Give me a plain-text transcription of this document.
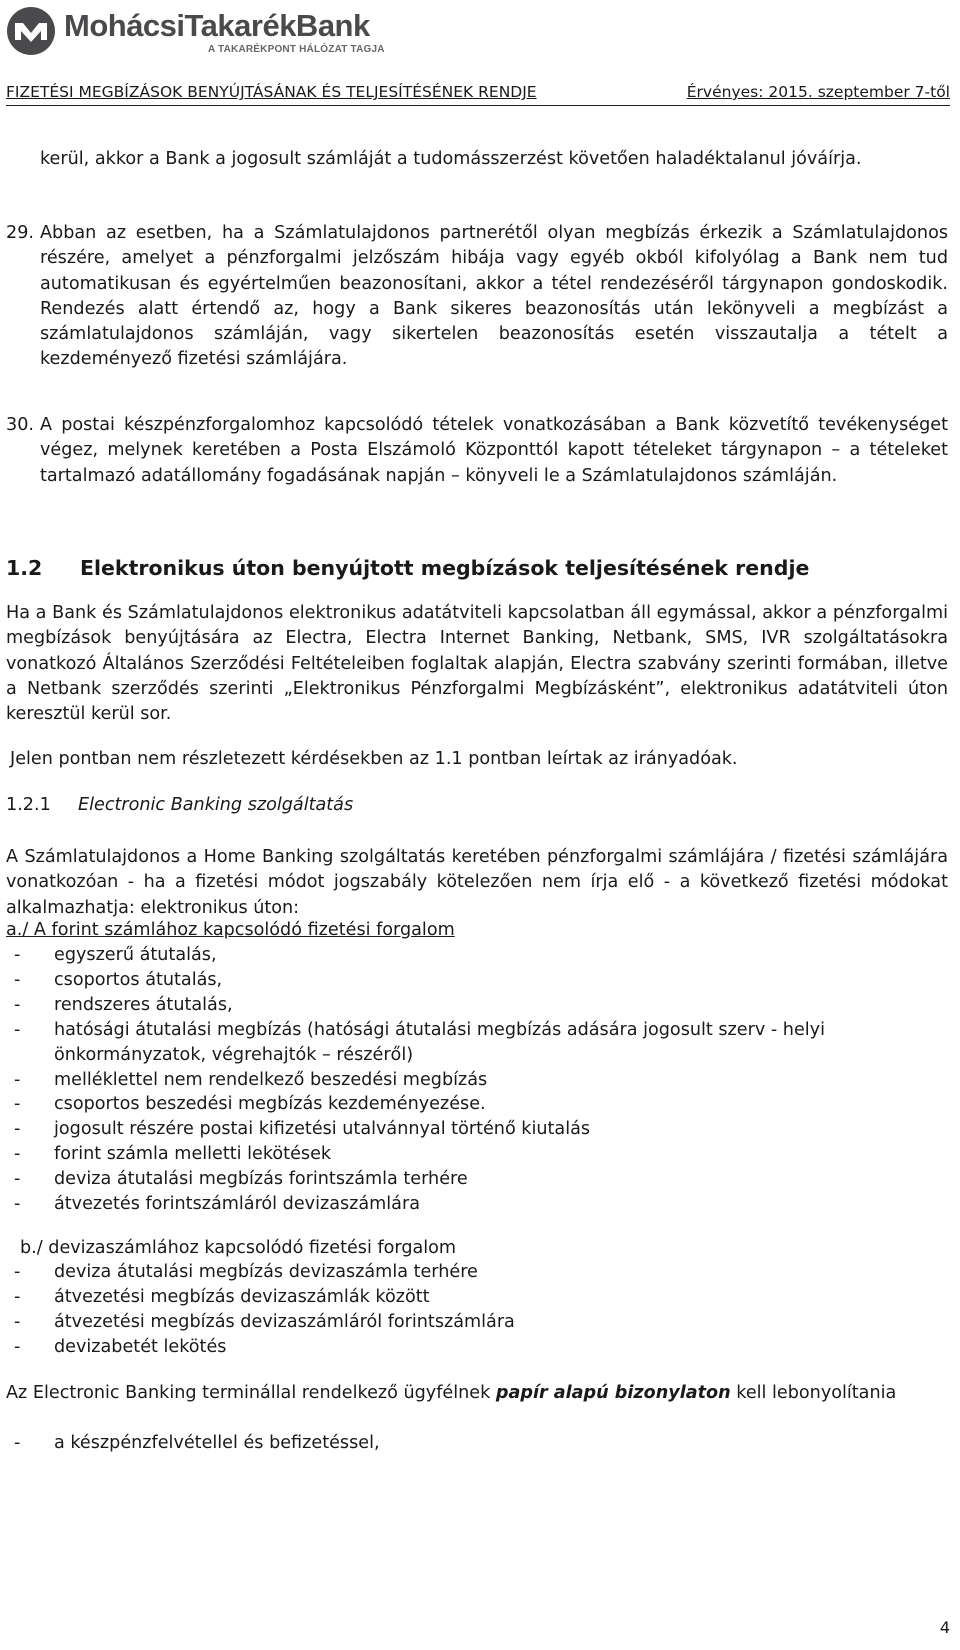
MohácsiTakarékBank
A TAKARÉKPONT HÁLÓZAT TAGJA
FIZETÉSI MEGBÍZÁSOK BENYÚJTÁSÁNAK ÉS TELJESÍTÉSÉNEK RENDJE	Érvényes: 2015. szeptember 7-től

kerül, akkor a Bank a jogosult számláját a tudomásszerzést követően haladéktalanul jóváírja.

29. Abban az esetben, ha a Számlatulajdonos partnerétől olyan megbízás érkezik a Számlatulajdonos részére, amelyet a pénzforgalmi jelzőszám hibája vagy egyéb okból kifolyólag a Bank nem tud automatikusan és egyértelműen beazonosítani, akkor a tétel rendezéséről tárgynapon gondoskodik. Rendezés alatt értendő az, hogy a Bank sikeres beazonosítás után lekönyveli a megbízást a számlatulajdonos számláján, vagy sikertelen beazonosítás esetén visszautalja a tételt a kezdeményező fizetési számlájára.

30. A postai készpénzforgalomhoz kapcsolódó tételek vonatkozásában a Bank közvetítő tevékenységet végez, melynek keretében a Posta Elszámoló Központtól kapott tételeket tárgynapon – a tételeket tartalmazó adatállomány fogadásának napján – könyveli le a Számlatulajdonos számláján.

1.2 Elektronikus úton benyújtott megbízások teljesítésének rendje

Ha a Bank és Számlatulajdonos elektronikus adatátviteli kapcsolatban áll egymással, akkor a pénzforgalmi megbízások benyújtására az Electra, Electra Internet Banking, Netbank, SMS, IVR szolgáltatásokra vonatkozó Általános Szerződési Feltételeiben foglaltak alapján, Electra szabvány szerinti formában, illetve a Netbank szerződés szerinti „Elektronikus Pénzforgalmi Megbízásként”, elektronikus adatátviteli úton keresztül kerül sor.

Jelen pontban nem részletezett kérdésekben az 1.1 pontban leírtak az irányadóak.
1.2.1 Electronic Banking szolgáltatás

A Számlatulajdonos a Home Banking szolgáltatás keretében pénzforgalmi számlájára / fizetési számlájára vonatkozóan - ha a fizetési módot jogszabály kötelezően nem írja elő - a következő fizetési módokat alkalmazhatja: elektronikus úton:

a./ A forint számlához kapcsolódó fizetési forgalom
- egyszerű átutalás,
- csoportos átutalás,
- rendszeres átutalás,
- hatósági átutalási megbízás (hatósági átutalási megbízás adására jogosult szerv - helyi önkormányzatok, végrehajtók – részéről)
- melléklettel nem rendelkező beszedési megbízás
- csoportos beszedési megbízás kezdeményezése.
- jogosult részére postai kifizetési utalvánnyal történő kiutalás
- forint számla melletti lekötések
- deviza átutalási megbízás forintszámla terhére
- átvezetés forintszámláról devizaszámlára
b./ devizaszámlához kapcsolódó fizetési forgalom
- deviza átutalási megbízás devizaszámla terhére
- átvezetési megbízás devizaszámlák között
- átvezetési megbízás devizaszámláról forintszámlára
- devizabetét lekötés

Az Electronic Banking terminállal rendelkező ügyfélnek papír alapú bizonylaton kell lebonyolítania

- a készpénzfelvétellel és befizetéssel,
4
